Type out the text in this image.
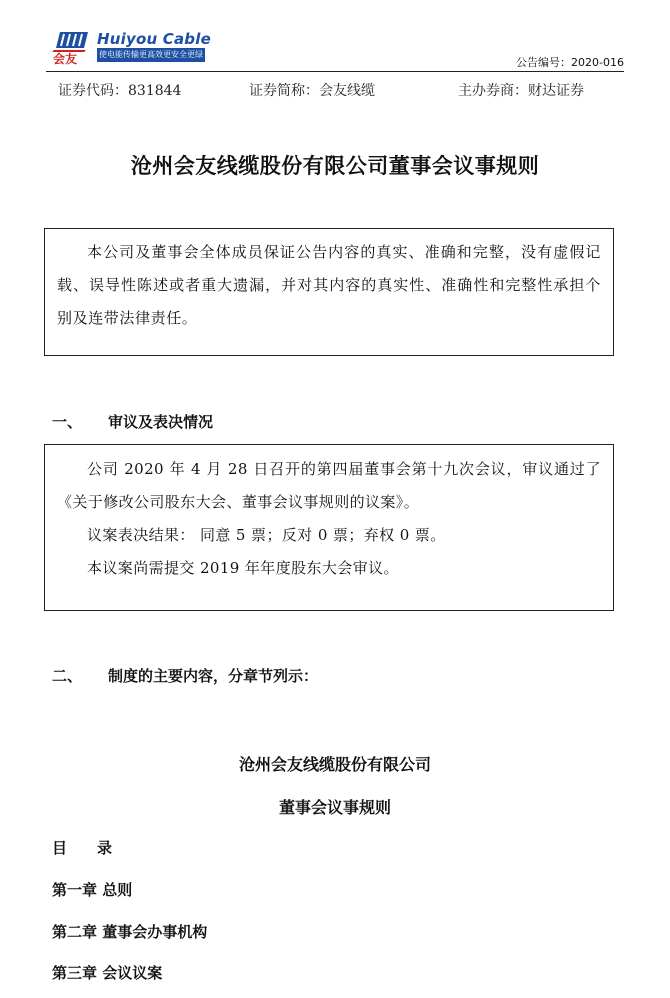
Huiyou Cable
使电能传输更高效更安全更绿色
会友	公告编号：2020-016
证券代码：831844	证券简称：会友线缆	主办券商：财达证券
沧州会友线缆股份有限公司董事会议事规则

本公司及董事会全体成员保证公告内容的真实、准确和完整，没有虚假记载、误导性陈述或者重大遗漏，并对其内容的真实性、准确性和完整性承担个别及连带法律责任。

一、 审议及表决情况

公司 2020 年 4 月 28 日召开的第四届董事会第十九次会议，审议通过了《关于修改公司股东大会、董事会议事规则的议案》。

议案表决结果： 同意 5 票；反对 0 票；弃权 0 票。

本议案尚需提交 2019 年年度股东大会审议。

二、 制度的主要内容，分章节列示：
沧州会友线缆股份有限公司
董事会议事规则
目　　录
第一章 总则
第二章 董事会办事机构
第三章 会议议案
